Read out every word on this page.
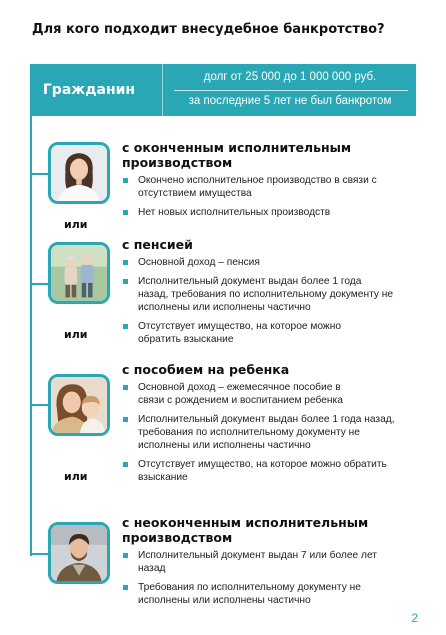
Для кого подходит внесудебное банкротство?
Гражданин
долг от 25 000 до 1 000 000 руб.
за последние 5 лет не был банкротом
или
или
или
с оконченным исполнительным производством
Окончено исполнительное производство в связи с отсутствием имущества
Нет новых исполнительных производств
с пенсией
Основной доход – пенсия
Исполнительный документ выдан более 1 года назад, требования по исполнительному документу не исполнены или исполнены частично
Отсутствует имущество, на которое можно обратить взыскание
с пособием на ребенка
Основной доход – ежемесячное пособие в связи с рождением и воспитанием ребенка
Исполнительный документ выдан более 1 года назад, требования по исполнительному документу не исполнены или исполнены частично
Отсутствует имущество, на которое можно обратить взыскание
с неоконченным исполнительным производством
Исполнительный документ выдан 7 или более лет назад
Требования по исполнительному документу не исполнены или исполнены частично
2
